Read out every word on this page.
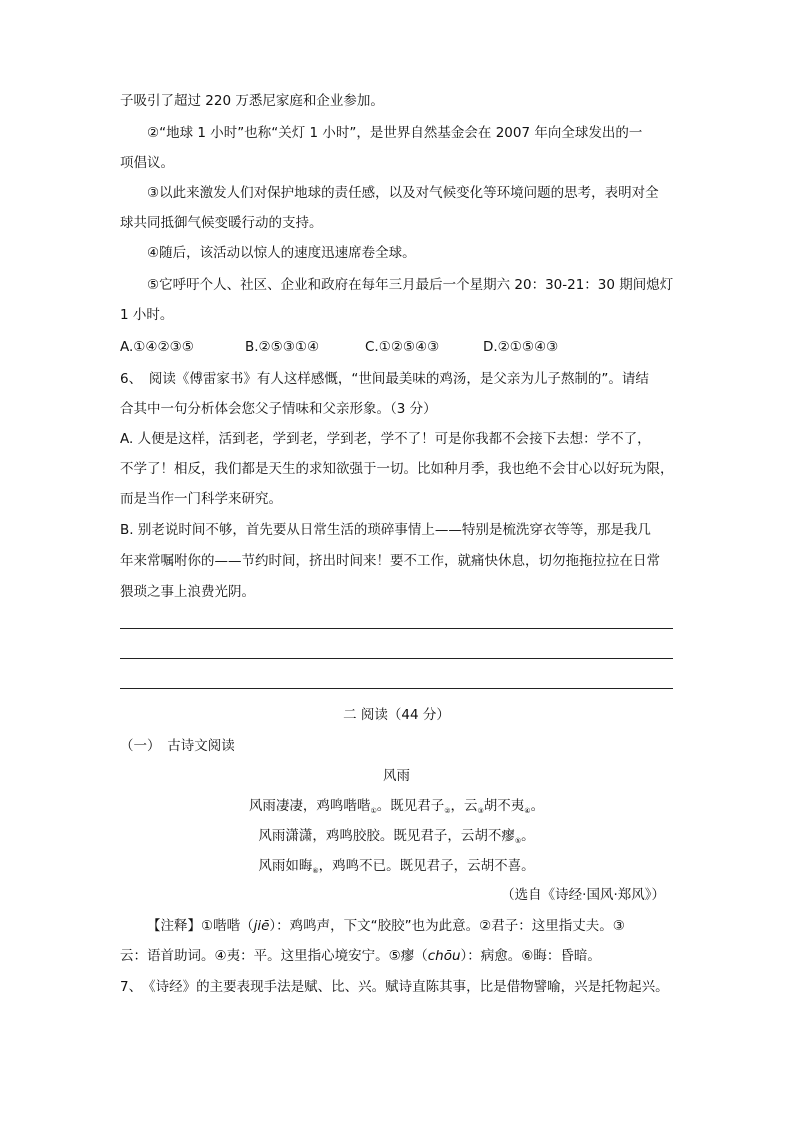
子吸引了超过 220 万悉尼家庭和企业参加。
②“地球 1 小时”也称“关灯 1 小时”，是世界自然基金会在 2007 年向全球发出的一
项倡议。
③以此来激发人们对保护地球的责任感，以及对气候变化等环境问题的思考，表明对全
球共同抵御气候变暖行动的支持。
④随后，该活动以惊人的速度迅速席卷全球。
⑤它呼吁个人、社区、企业和政府在每年三月最后一个星期六 20：30-21：30 期间熄灯
1 小时。
A.①④②③⑤	B.②⑤③①④	C.①②⑤④③	D.②①⑤④③
6、　阅读《傅雷家书》有人这样感慨，“世间最美味的鸡汤，是父亲为儿子熬制的”。请结
合其中一句分析体会您父子情味和父亲形象。（3 分）
A. 人便是这样，活到老，学到老，学到老，学不了！可是你我都不会接下去想：学不了，
不学了！相反，我们都是天生的求知欲强于一切。比如种月季，我也绝不会甘心以好玩为限，
而是当作一门科学来研究。
B. 别老说时间不够，首先要从日常生活的琐碎事情上——特别是梳洗穿衣等等，那是我几
年来常嘱咐你的——节约时间，挤出时间来！要不工作，就痛快休息，切勿拖拖拉拉在日常
猥琐之事上浪费光阴。
二 阅读（44 分）
（一）　古诗文阅读
风雨
风雨凄凄，鸡鸣喈喈①。既见君子②，云③胡不夷④。
风雨潇潇，鸡鸣胶胶。既见君子，云胡不瘳⑤。
风雨如晦⑥，鸡鸣不已。既见君子，云胡不喜。
（选自《诗经·国风·郑风》）
【注释】①喈喈（jiē）：鸡鸣声，下文“胶胶”也为此意。②君子：这里指丈夫。③
云：语首助词。④夷：平。这里指心境安宁。⑤瘳（chōu）：病愈。⑥晦：昏暗。
7、　《诗经》的主要表现手法是赋、比、兴。赋诗直陈其事，比是借物譬喻，兴是托物起兴。
